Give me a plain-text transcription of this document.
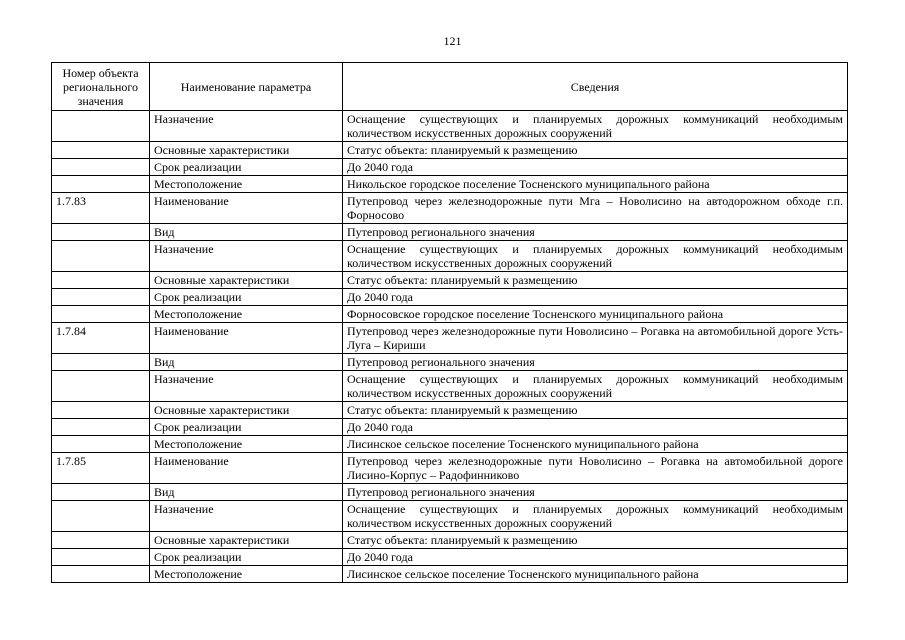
121
Номер объекта регионального значения	Наименование параметра	Сведения
	Назначение	Оснащение существующих и планируемых дорожных коммуникаций необходимым количеством искусственных дорожных сооружений
	Основные характеристики	Статус объекта: планируемый к размещению
	Срок реализации	До 2040 года
	Местоположение	Никольское городское поселение Тосненского муниципального района
1.7.83	Наименование	Путепровод через железнодорожные пути Мга – Новолисино на автодорожном обходе г.п. Форносово
	Вид	Путепровод регионального значения
	Назначение	Оснащение существующих и планируемых дорожных коммуникаций необходимым количеством искусственных дорожных сооружений
	Основные характеристики	Статус объекта: планируемый к размещению
	Срок реализации	До 2040 года
	Местоположение	Форносовское городское поселение Тосненского муниципального района
1.7.84	Наименование	Путепровод через железнодорожные пути Новолисино – Рогавка на автомобильной дороге Усть-Луга – Кириши
	Вид	Путепровод регионального значения
	Назначение	Оснащение существующих и планируемых дорожных коммуникаций необходимым количеством искусственных дорожных сооружений
	Основные характеристики	Статус объекта: планируемый к размещению
	Срок реализации	До 2040 года
	Местоположение	Лисинское сельское поселение Тосненского муниципального района
1.7.85	Наименование	Путепровод через железнодорожные пути Новолисино – Рогавка на автомобильной дороге Лисино-Корпус – Радофинниково
	Вид	Путепровод регионального значения
	Назначение	Оснащение существующих и планируемых дорожных коммуникаций необходимым количеством искусственных дорожных сооружений
	Основные характеристики	Статус объекта: планируемый к размещению
	Срок реализации	До 2040 года
	Местоположение	Лисинское сельское поселение Тосненского муниципального района
